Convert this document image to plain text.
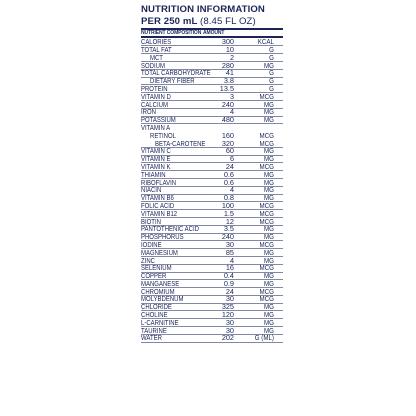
NUTRITION INFORMATION
PER 250 mL (8.45 FL OZ)
NUTRIENT COMPOSITION AMOUNT
CALORIES	300	KCAL
TOTAL FAT	10	G
MCT	2	G
SODIUM	280	MG
TOTAL CARBOHYDRATE 41	G
DIETARY FIBER	3.8	G
PROTEIN	13.5	G
VITAMIN D	3	MCG
CALCIUM	240	MG
IRON	4	MG
POTASSIUM	480	MG
VITAMIN A
RETINOL	160	MCG
BETA-CAROTENE 320	MCG
VITAMIN C	60	MG
VITAMIN E	6	MG
VITAMIN K	24	MCG
THIAMIN	0.6	MG
RIBOFLAVIN	0.6	MG
NIACIN	4	MG
VITAMIN B6	0.8	MG
FOLIC ACID	100	MCG
VITAMIN B12	1.5	MCG
BIOTIN	12	MCG
PANTOTHENIC ACID	3.5	MG
PHOSPHORUS	240	MG
IODINE	30	MCG
MAGNESIUM	85	MG
ZINC	4	MG
SELENIUM	16	MCG
COPPER	0.4	MG
MANGANESE	0.9	MG
CHROMIUM	24	MCG
MOLYBDENUM	30	MCG
CHLORIDE	325	MG
CHOLINE	120	MG
L-CARNITINE	30	MG
TAURINE	30	MG
WATER	202	G (ML)
